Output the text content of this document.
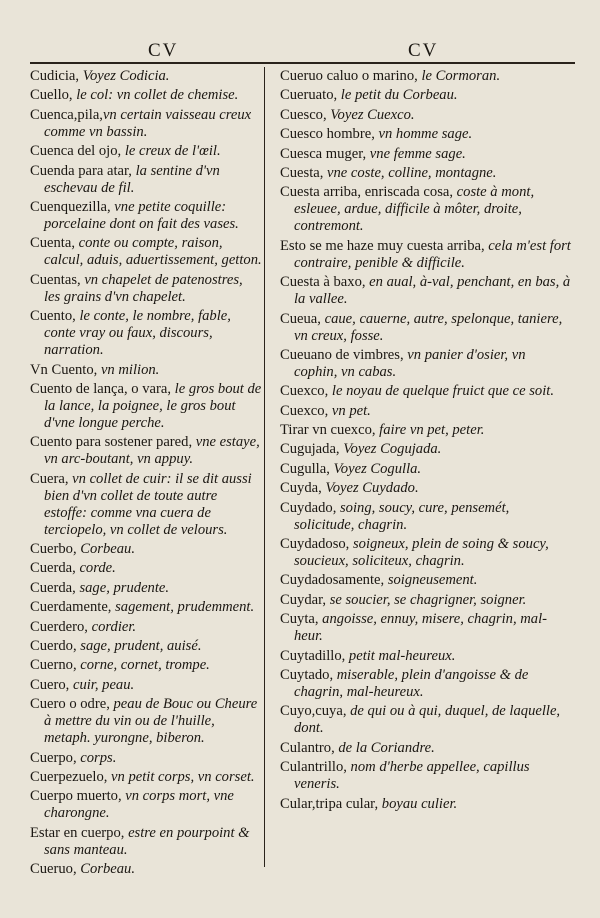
CV	CV
Cudicia, Voyez Codicia.
Cuello, le col: vn collet de chemise.
Cuenca,pila,vn certain vaisseau creux comme vn bassin.
Cuenca del ojo, le creux de l'œil.
Cuenda para atar, la sentine d'vn eschevau de fil.
Cuenquezilla, vne petite coquille: porcelaine dont on fait des vases.
Cuenta, conte ou compte, raison, calcul, aduis, aduertissement, getton.
Cuentas, vn chapelet de patenostres, les grains d'vn chapelet.
Cuento, le conte, le nombre, fable, conte vray ou faux, discours, narration.
Vn Cuento, vn milion.
Cuento de lança, o vara, le gros bout de la lance, la poignee, le gros bout d'vne longue perche.
Cuento para sostener pared, vne estaye, vn arc-boutant, vn appuy.
Cuera, vn collet de cuir: il se dit aussi bien d'vn collet de toute autre estoffe: comme vna cuera de terciopelo, vn collet de velours.
Cuerbo, Corbeau.
Cuerda, corde.
Cuerda, sage, prudente.
Cuerdamente, sagement, prudemment.
Cuerdero, cordier.
Cuerdo, sage, prudent, auisé.
Cuerno, corne, cornet, trompe.
Cuero, cuir, peau.
Cuero o odre, peau de Bouc ou Cheure à mettre du vin ou de l'huille, metaph. yurongne, biberon.
Cuerpo, corps.
Cuerpezuelo, vn petit corps, vn corset.
Cuerpo muerto, vn corps mort, vne charongne.
Estar en cuerpo, estre en pourpoint & sans manteau.
Cueruo, Corbeau.
Cueruo caluo o marino, le Cormoran.
Cueruato, le petit du Corbeau.
Cuesco, Voyez Cuexco.
Cuesco hombre, vn homme sage.
Cuesca muger, vne femme sage.
Cuesta, vne coste, colline, montagne.
Cuesta arriba, enriscada cosa, coste à mont, esleuee, ardue, difficile à môter, droite, contremont.
Esto se me haze muy cuesta arriba, cela m'est fort contraire, penible & difficile.
Cuesta à baxo, en aual, à-val, penchant, en bas, à la vallee.
Cueua, caue, cauerne, autre, spelonque, taniere, vn creux, fosse.
Cueuano de vimbres, vn panier d'osier, vn cophin, vn cabas.
Cuexco, le noyau de quelque fruict que ce soit.
Cuexco, vn pet.
Tirar vn cuexco, faire vn pet, peter.
Cugujada, Voyez Cogujada.
Cugulla, Voyez Cogulla.
Cuyda, Voyez Cuydado.
Cuydado, soing, soucy, cure, pensemét, solicitude, chagrin.
Cuydadoso, soigneux, plein de soing & soucy, soucieux, soliciteux, chagrin.
Cuydadosamente, soigneusement.
Cuydar, se soucier, se chagrigner, soigner.
Cuyta, angoisse, ennuy, misere, chagrin, mal-heur.
Cuytadillo, petit mal-heureux.
Cuytado, miserable, plein d'angoisse & de chagrin, mal-heureux.
Cuyo,cuya, de qui ou à qui, duquel, de laquelle, dont.
Culantro, de la Coriandre.
Culantrillo, nom d'herbe appellee, capillus veneris.
Cular,tripa cular, boyau culier.
